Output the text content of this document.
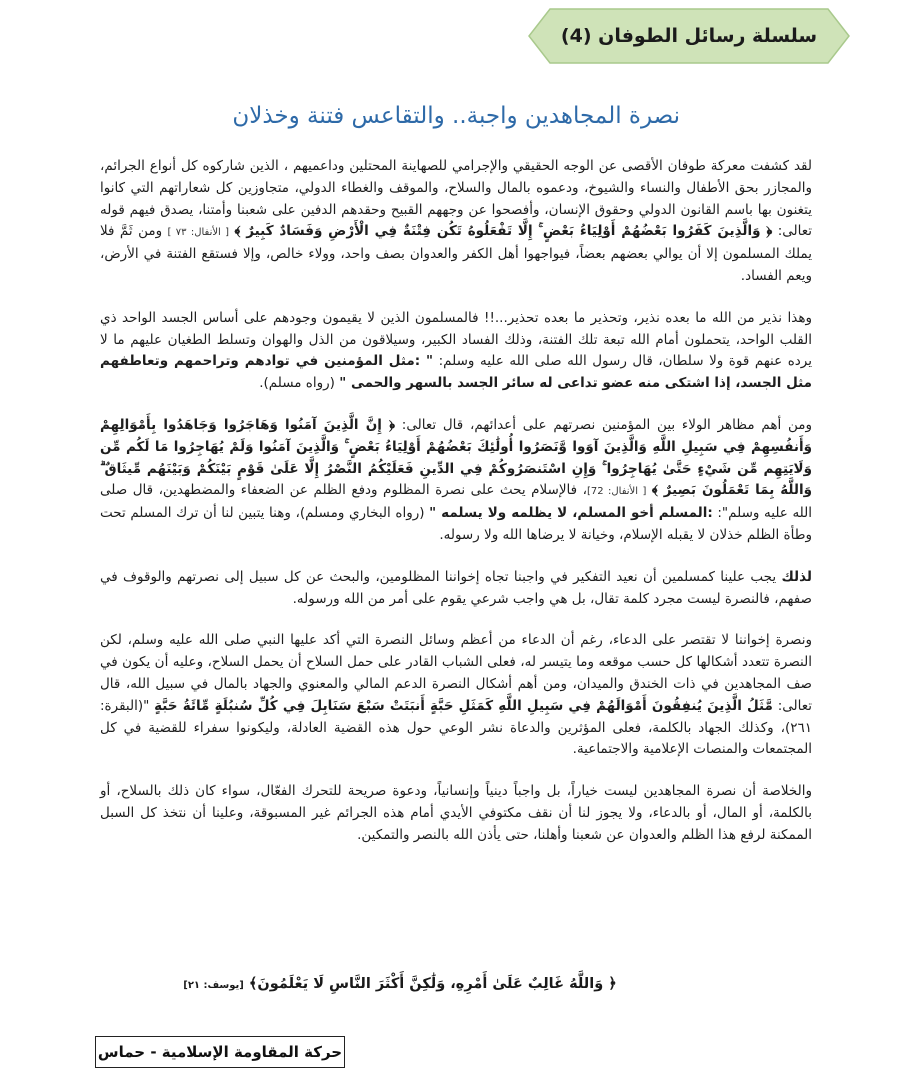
سلسلة رسائل الطوفان (4)
نصرة المجاهدين واجبة.. والتقاعس فتنة وخذلان

لقد كشفت معركة طوفان الأقصى عن الوجه الحقيقي والإجرامي للصهاينة المحتلين وداعميهم ، الذين شاركوه كل أنواع الجرائم، والمجازر بحق الأطفال والنساء والشيوخ، ودعموه بالمال والسلاح، والموقف والغطاء الدولي، متجاوزين كل شعاراتهم التي كانوا يتغنون بها باسم القانون الدولي وحقوق الإنسان، وأفصحوا عن وجههم القبيح وحقدهم الدفين على شعبنا وأمتنا، يصدق فيهم قوله تعالى: ﴿ وَالَّذِينَ كَفَرُوا بَعْضُهُمْ أَوْلِيَاءُ بَعْضٍ ۚ إِلَّا تَفْعَلُوهُ تَكُن فِتْنَةٌ فِي الْأَرْضِ وَفَسَادٌ كَبِيرٌ ﴾ [ الأنفال: ٧٣ ] ومن ثَمَّ فلا يملك المسلمون إلا أن يوالي بعضهم بعضاً، فيواجهوا أهل الكفر والعدوان بصف واحد، وولاء خالص، وإلا فستقع الفتنة في الأرض، ويعم الفساد.

وهذا نذير من الله ما بعده نذير، وتحذير ما بعده تحذير...!! فالمسلمون الذين لا يقيمون وجودهم على أساس الجسد الواحد ذي القلب الواحد، يتحملون أمام الله تبعة تلك الفتنة، وذلك الفساد الكبير، وسيلاقون من الذل والهوان وتسلط الطغيان عليهم ما لا يرده عنهم قوة ولا سلطان، قال رسول الله صلى الله عليه وسلم: " :مثل المؤمنين في توادهم وتراحمهم وتعاطفهم مثل الجسد، إذا اشتكى منه عضو تداعى له سائر الجسد بالسهر والحمى " (رواه مسلم).

ومن أهم مظاهر الولاء بين المؤمنين نصرتهم على أعدائهم، قال تعالى: ﴿ إِنَّ الَّذِينَ آمَنُوا وَهَاجَرُوا وَجَاهَدُوا بِأَمْوَالِهِمْ وَأَنفُسِهِمْ فِي سَبِيلِ اللَّهِ وَالَّذِينَ آوَوا وَّنَصَرُوا أُولَٰئِكَ بَعْضُهُمْ أَوْلِيَاءُ بَعْضٍ ۚ وَالَّذِينَ آمَنُوا وَلَمْ يُهَاجِرُوا مَا لَكُم مِّن وَلَايَتِهِم مِّن شَيْءٍ حَتَّىٰ يُهَاجِرُوا ۚ وَإِنِ اسْتَنصَرُوكُمْ فِي الدِّينِ فَعَلَيْكُمُ النَّصْرُ إِلَّا عَلَىٰ قَوْمٍ بَيْنَكُمْ وَبَيْنَهُم مِّيثَاقٌ ۗ وَاللَّهُ بِمَا تَعْمَلُونَ بَصِيرٌ ﴾ [ الأنفال: 72]، فالإسلام يحث على نصرة المظلوم ودفع الظلم عن الضعفاء والمضطهدين، قال صلى الله عليه وسلم": :المسلم أخو المسلم، لا يظلمه ولا يسلمه " (رواه البخاري ومسلم)، وهنا يتبين لنا أن ترك المسلم تحت وطأة الظلم خذلان لا يقبله الإسلام، وخيانة لا يرضاها الله ولا رسوله.

لذلك يجب علينا كمسلمين أن نعيد التفكير في واجبنا تجاه إخواننا المظلومين، والبحث عن كل سبيل إلى نصرتهم والوقوف في صفهم، فالنصرة ليست مجرد كلمة تقال، بل هي واجب شرعي يقوم على أمر من الله ورسوله.

ونصرة إخواننا لا تقتصر على الدعاء، رغم أن الدعاء من أعظم وسائل النصرة التي أكد عليها النبي صلى الله عليه وسلم، لكن النصرة تتعدد أشكالها كل حسب موقعه وما يتيسر له، فعلى الشباب القادر على حمل السلاح أن يحمل السلاح، وعليه أن يكون في صف المجاهدين في ذات الخندق والميدان، ومن أهم أشكال النصرة الدعم المالي والمعنوي والجهاد بالمال في سبيل الله، قال تعالى: مَّثَلُ الَّذِينَ يُنفِقُونَ أَمْوَالَهُمْ فِي سَبِيلِ اللَّهِ كَمَثَلِ حَبَّةٍ أَنبَتَتْ سَبْعَ سَنَابِلَ فِي كُلِّ سُنبُلَةٍ مِّائَةُ حَبَّةٍ "(البقرة: ٢٦١)، وكذلك الجهاد بالكلمة، فعلى المؤثرين والدعاة نشر الوعي حول هذه القضية العادلة، وليكونوا سفراء للقضية في كل المجتمعات والمنصات الإعلامية والاجتماعية.

والخلاصة أن نصرة المجاهدين ليست خياراً، بل واجباً دينياً وإنسانياً، ودعوة صريحة للتحرك الفعّال، سواء كان ذلك بالسلاح، أو بالكلمة، أو المال، أو بالدعاء، ولا يجوز لنا أن نقف مكتوفي الأيدي أمام هذه الجرائم غير المسبوقة، وعلينا أن نتخذ كل السبل الممكنة لرفع هذا الظلم والعدوان عن شعبنا وأهلنا، حتى يأذن الله بالنصر والتمكين.

﴿ وَاللَّهُ غَالِبٌ عَلَىٰ أَمْرِهِ، وَلَٰكِنَّ أَكْثَرَ النَّاسِ لَا يَعْلَمُونَ﴾ [يوسف: ٢١]
حركة المقاومة الإسلامية - حماس
